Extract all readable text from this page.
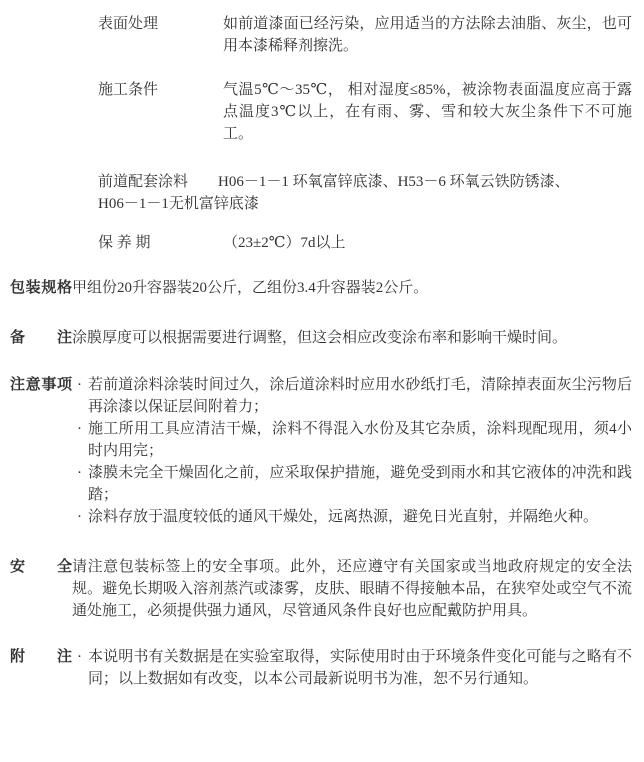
表面处理	如前道漆面已经污染，应用适当的方法除去油脂、灰尘，也可用本漆稀释剂擦洗。
施工条件	气温5℃～35℃， 相对湿度≤85%，被涂物表面温度应高于露点温度3℃以上，在有雨、雾、雪和较大灰尘条件下不可施工。
前道配套涂料 H06－1－1 环氧富锌底漆、H53－6 环氧云铁防锈漆、
H06－1－1无机富锌底漆
保 养 期	（23±2℃）7d以上
包装规格 甲组份20升容器装20公斤，乙组份3.4升容器装2公斤。
备 注 涂膜厚度可以根据需要进行调整，但这会相应改变涂布率和影响干燥时间。
注意事项 · 若前道涂料涂装时间过久，涂后道涂料时应用水砂纸打毛，清除掉表面灰尘污物后再涂漆以保证层间附着力；
· 施工所用工具应清洁干燥，涂料不得混入水份及其它杂质，涂料现配现用，须4小时内用完；
· 漆膜未完全干燥固化之前，应采取保护措施，避免受到雨水和其它液体的冲洗和践踏；
· 涂料存放于温度较低的通风干燥处，远离热源，避免日光直射，并隔绝火种。
安 全 请注意包装标签上的安全事项。此外，还应遵守有关国家或当地政府规定的安全法规。避免长期吸入溶剂蒸汽或漆雾，皮肤、眼睛不得接触本品，在狭窄处或空气不流通处施工，必须提供强力通风，尽管通风条件良好也应配戴防护用具。
附 注 · 本说明书有关数据是在实验室取得，实际使用时由于环境条件变化可能与之略有不同；以上数据如有改变，以本公司最新说明书为准，恕不另行通知。
